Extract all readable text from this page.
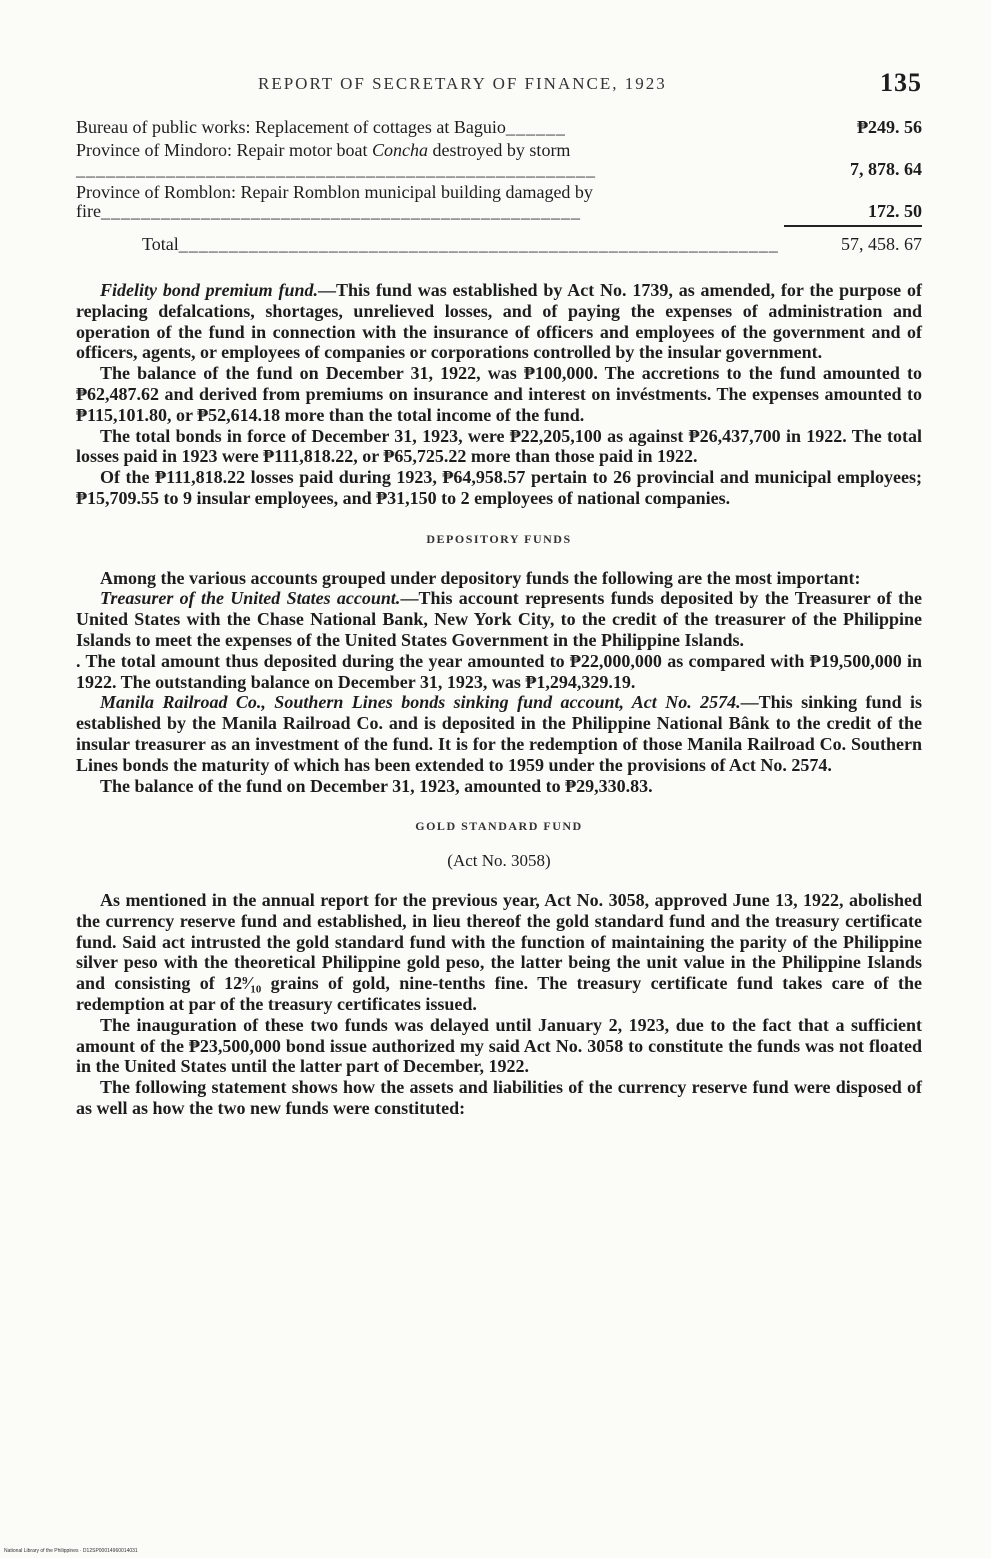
REPORT OF SECRETARY OF FINANCE, 1923	135
Bureau of public works: Replacement of cottages at Baguio______	₱249. 56
Province of Mindoro: Repair motor boat Concha destroyed by storm ____________________________________________________	7, 878. 64
Province of Romblon: Repair Romblon municipal building damaged by fire________________________________________________	172. 50
Total____________________________________________________________	57, 458. 67

Fidelity bond premium fund.—This fund was established by Act No. 1739, as amended, for the purpose of replacing defalcations, shortages, unrelieved losses, and of paying the expenses of administration and operation of the fund in connection with the insurance of officers and employees of the government and of officers, agents, or employees of companies or corporations controlled by the insular government.

The balance of the fund on December 31, 1922, was ₱100,000. The accretions to the fund amounted to ₱62,487.62 and derived from premiums on insurance and interest on invéstments. The expenses amounted to ₱115,101.80, or ₱52,614.18 more than the total income of the fund.

The total bonds in force of December 31, 1923, were ₱22,205,100 as against ₱26,437,700 in 1922. The total losses paid in 1923 were ₱111,818.22, or ₱65,725.22 more than those paid in 1922.

Of the ₱111,818.22 losses paid during 1923, ₱64,958.57 pertain to 26 provincial and municipal employees; ₱15,709.55 to 9 insular employees, and ₱31,150 to 2 employees of national companies.

DEPOSITORY FUNDS

Among the various accounts grouped under depository funds the following are the most important:

Treasurer of the United States account.—This account represents funds deposited by the Treasurer of the United States with the Chase National Bank, New York City, to the credit of the treasurer of the Philippine Islands to meet the expenses of the United States Government in the Philippine Islands.

. The total amount thus deposited during the year amounted to ₱22,000,000 as compared with ₱19,500,000 in 1922. The outstanding balance on December 31, 1923, was ₱1,294,329.19.

Manila Railroad Co., Southern Lines bonds sinking fund account, Act No. 2574.—This sinking fund is established by the Manila Railroad Co. and is deposited in the Philippine National Bânk to the credit of the insular treasurer as an investment of the fund. It is for the redemption of those Manila Railroad Co. Southern Lines bonds the maturity of which has been extended to 1959 under the provisions of Act No. 2574.

The balance of the fund on December 31, 1923, amounted to ₱29,330.83.

GOLD STANDARD FUND
(Act No. 3058)

As mentioned in the annual report for the previous year, Act No. 3058, approved June 13, 1922, abolished the currency reserve fund and established, in lieu thereof the gold standard fund and the treasury certificate fund. Said act intrusted the gold standard fund with the function of maintaining the parity of the Philippine silver peso with the theoretical Philippine gold peso, the latter being the unit value in the Philippine Islands and consisting of 12⁹⁄₁₀ grains of gold, nine-tenths fine. The treasury certificate fund takes care of the redemption at par of the treasury certificates issued.

The inauguration of these two funds was delayed until January 2, 1923, due to the fact that a sufficient amount of the ₱23,500,000 bond issue authorized my said Act No. 3058 to constitute the funds was not floated in the United States until the latter part of December, 1922.

The following statement shows how the assets and liabilities of the currency reserve fund were disposed of as well as how the two new funds were constituted:

National Library of the Philippines · D12SP00014960014031
